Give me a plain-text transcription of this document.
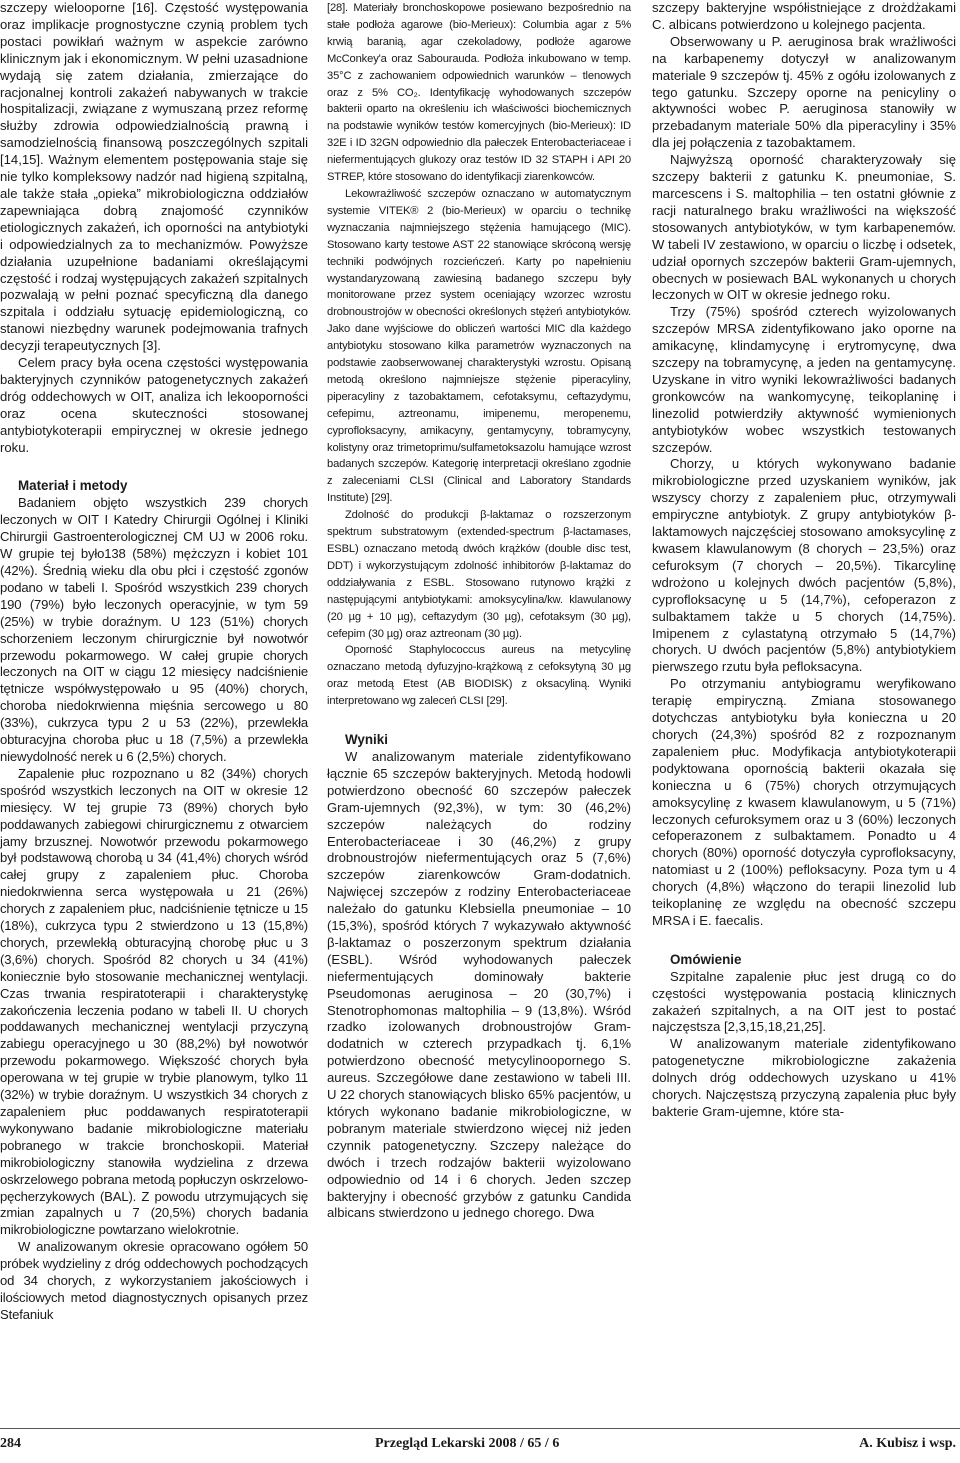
szczepy wielooporne [16]. Częstość występowania oraz implikacje prognostyczne czynią problem tych postaci powikłań ważnym w aspekcie zarówno klinicznym jak i ekonomicznym. W pełni uzasadnione wydają się zatem działania, zmierzające do racjonalnej kontroli zakażeń nabywanych w trakcie hospitalizacji, związane z wymuszaną przez reformę służby zdrowia odpowiedzialnością prawną i samodzielnością finansową poszczególnych szpitali [14,15]. Ważnym elementem postępowania staje się nie tylko kompleksowy nadzór nad higieną szpitalną, ale także stała „opieka” mikrobiologiczna oddziałów zapewniająca dobrą znajomość czynników etiologicznych zakażeń, ich oporności na antybiotyki i odpowiedzialnych za to mechanizmów. Powyższe działania uzupełnione badaniami określającymi częstość i rodzaj występujących zakażeń szpitalnych pozwalają w pełni poznać specyficzną dla danego szpitala i oddziału sytuację epidemiologiczną, co stanowi niezbędny warunek podejmowania trafnych decyzji terapeutycznych [3].

Celem pracy była ocena częstości występowania bakteryjnych czynników patogenetycznych zakażeń dróg oddechowych w OIT, analiza ich lekooporności oraz ocena skuteczności stosowanej antybiotykoterapii empirycznej w okresie jednego roku.

Materiał i metody

Badaniem objęto wszystkich 239 chorych leczonych w OIT I Katedry Chirurgii Ogólnej i Kliniki Chirurgii Gastroenterologicznej CM UJ w 2006 roku. W grupie tej było138 (58%) mężczyzn i kobiet 101 (42%). Średnią wieku dla obu płci i częstość zgonów podano w tabeli I. Spośród wszystkich 239 chorych 190 (79%) było leczonych operacyjnie, w tym 59 (25%) w trybie doraźnym. U 123 (51%) chorych schorzeniem leczonym chirurgicznie był nowotwór przewodu pokarmowego. W całej grupie chorych leczonych na OIT w ciągu 12 miesięcy nadciśnienie tętnicze współwystępowało u 95 (40%) chorych, choroba niedokrwienna mięśnia sercowego u 80 (33%), cukrzyca typu 2 u 53 (22%), przewlekła obturacyjna choroba płuc u 18 (7,5%) a przewlekła niewydolność nerek u 6 (2,5%) chorych.

Zapalenie płuc rozpoznano u 82 (34%) chorych spośród wszystkich leczonych na OIT w okresie 12 miesięcy. W tej grupie 73 (89%) chorych było poddawanych zabiegowi chirurgicznemu z otwarciem jamy brzusznej. Nowotwór przewodu pokarmowego był podstawową chorobą u 34 (41,4%) chorych wśród całej grupy z zapaleniem płuc. Choroba niedokrwienna serca występowała u 21 (26%) chorych z zapaleniem płuc, nadciśnienie tętnicze u 15 (18%), cukrzyca typu 2 stwierdzono u 13 (15,8%) chorych, przewlekłą obturacyjną chorobę płuc u 3 (3,6%) chorych. Spośród 82 chorych u 34 (41%) koniecznie było stosowanie mechanicznej wentylacji. Czas trwania respiratoterapii i charakterystykę zakończenia leczenia podano w tabeli II. U chorych poddawanych mechanicznej wentylacji przyczyną zabiegu operacyjnego u 30 (88,2%) był nowotwór przewodu pokarmowego. Większość chorych była operowana w tej grupie w trybie planowym, tylko 11 (32%) w trybie doraźnym. U wszystkich 34 chorych z zapaleniem płuc poddawanych respiratoterapii wykonywano badanie mikrobiologiczne materiału pobranego w trakcie bronchoskopii. Materiał mikrobiologiczny stanowiła wydzielina z drzewa oskrzelowego pobrana metodą popłuczyn oskrzelowo-pęcherzykowych (BAL). Z powodu utrzymujących się zmian zapalnych u 7 (20,5%) chorych badania mikrobiologiczne powtarzano wielokrotnie.

W analizowanym okresie opracowano ogółem 50 próbek wydzieliny z dróg oddechowych pochodzących od 34 chorych, z wykorzystaniem jakościowych i ilościowych metod diagnostycznych opisanych przez Stefaniuk

[28]. Materiały bronchoskopowe posiewano bezpośrednio na stałe podłoża agarowe (bio-Merieux): Columbia agar z 5% krwią baranią, agar czekoladowy, podłoże agarowe McConkey'a oraz Sabourauda. Podłoża inkubowano w temp. 35°C z zachowaniem odpowiednich warunków – tlenowych oraz z 5% CO₂. Identyfikację wyhodowanych szczepów bakterii oparto na określeniu ich właściwości biochemicznych na podstawie wyników testów komercyjnych (bio-Merieux): ID 32E i ID 32GN odpowiednio dla pałeczek Enterobacteriaceae i niefermentujących glukozy oraz testów ID 32 STAPH i API 20 STREP, które stosowano do identyfikacji ziarenkowców.

Lekowrażliwość szczepów oznaczano w automatycznym systemie VITEK® 2 (bio-Merieux) w oparciu o technikę wyznaczania najmniejszego stężenia hamującego (MIC). Stosowano karty testowe AST 22 stanowiące skróconą wersję techniki podwójnych rozcieńczeń. Karty po napełnieniu wystandaryzowaną zawiesiną badanego szczepu były monitorowane przez system oceniający wzorzec wzrostu drobnoustrojów w obecności określonych stężeń antybiotyków. Jako dane wyjściowe do obliczeń wartości MIC dla każdego antybiotyku stosowano kilka parametrów wyznaczonych na podstawie zaobserwowanej charakterystyki wzrostu. Opisaną metodą określono najmniejsze stężenie piperacyliny, piperacyliny z tazobaktamem, cefotaksymu, ceftazydymu, cefepimu, aztreonamu, imipenemu, meropenemu, cyprofloksacyny, amikacyny, gentamycyny, tobramycyny, kolistyny oraz trimetoprimu/sulfametoksazolu hamujące wzrost badanych szczepów. Kategorię interpretacji określano zgodnie z zaleceniami CLSI (Clinical and Laboratory Standards Institute) [29].

Zdolność do produkcji β-laktamaz o rozszerzonym spektrum substratowym (extended-spectrum β-lactamases, ESBL) oznaczano metodą dwóch krążków (double disc test, DDT) i wykorzystującym zdolność inhibitorów β-laktamaz do oddziaływania z ESBL. Stosowano rutynowo krążki z następującymi antybiotykami: amoksycylina/kw. klawulanowy (20 µg + 10 µg), ceftazydym (30 µg), cefotaksym (30 µg), cefepim (30 µg) oraz aztreonam (30 µg).

Oporność Staphylococcus aureus na metycylinę oznaczano metodą dyfuzyjno-krążkową z cefoksytyną 30 µg oraz metodą Etest (AB BIODISK) z oksacyliną. Wyniki interpretowano wg zaleceń CLSI [29].

Wyniki

W analizowanym materiale zidentyfikowano łącznie 65 szczepów bakteryjnych. Metodą hodowli potwierdzono obecność 60 szczepów pałeczek Gram-ujemnych (92,3%), w tym: 30 (46,2%) szczepów należących do rodziny Enterobacteriaceae i 30 (46,2%) z grupy drobnoustrojów niefermentujących oraz 5 (7,6%) szczepów ziarenkowców Gram-dodatnich. Najwięcej szczepów z rodziny Enterobacteriaceae należało do gatunku Klebsiella pneumoniae – 10 (15,3%), spośród których 7 wykazywało aktywność β-laktamaz o poszerzonym spektrum działania (ESBL). Wśród wyhodowanych pałeczek niefermentujących dominowały bakterie Pseudomonas aeruginosa – 20 (30,7%) i Stenotrophomonas maltophilia – 9 (13,8%). Wśród rzadko izolowanych drobnoustrojów Gram-dodatnich w czterech przypadkach tj. 6,1% potwierdzono obecność metycylinoopornego S. aureus. Szczegółowe dane zestawiono w tabeli III. U 22 chorych stanowiących blisko 65% pacjentów, u których wykonano badanie mikrobiologiczne, w pobranym materiale stwierdzono więcej niż jeden czynnik patogenetyczny. Szczepy należące do dwóch i trzech rodzajów bakterii wyizolowano odpowiednio od 14 i 6 chorych. Jeden szczep bakteryjny i obecność grzybów z gatunku Candida albicans stwierdzono u jednego chorego. Dwa

szczepy bakteryjne współistniejące z drożdżakami C. albicans potwierdzono u kolejnego pacjenta.

Obserwowany u P. aeruginosa brak wrażliwości na karbapenemy dotyczył w analizowanym materiale 9 szczepów tj. 45% z ogółu izolowanych z tego gatunku. Szczepy oporne na penicyliny o aktywności wobec P. aeruginosa stanowiły w przebadanym materiale 50% dla piperacyliny i 35% dla jej połączenia z tazobaktamem.

Najwyższą oporność charakteryzowały się szczepy bakterii z gatunku K. pneumoniae, S. marcescens i S. maltophilia – ten ostatni głównie z racji naturalnego braku wrażliwości na większość stosowanych antybiotyków, w tym karbapenemów. W tabeli IV zestawiono, w oparciu o liczbę i odsetek, udział opornych szczepów bakterii Gram-ujemnych, obecnych w posiewach BAL wykonanych u chorych leczonych w OIT w okresie jednego roku.

Trzy (75%) spośród czterech wyizolowanych szczepów MRSA zidentyfikowano jako oporne na amikacynę, klindamycynę i erytromycynę, dwa szczepy na tobramycynę, a jeden na gentamycynę. Uzyskane in vitro wyniki lekowrażliwości badanych gronkowców na wankomycynę, teikoplaninę i linezolid potwierdziły aktywność wymienionych antybiotyków wobec wszystkich testowanych szczepów.

Chorzy, u których wykonywano badanie mikrobiologiczne przed uzyskaniem wyników, jak wszyscy chorzy z zapaleniem płuc, otrzymywali empiryczne antybiotyk. Z grupy antybiotyków β-laktamowych najczęściej stosowano amoksycylinę z kwasem klawulanowym (8 chorych – 23,5%) oraz cefuroksym (7 chorych – 20,5%). Tikarcylinę wdrożono u kolejnych dwóch pacjentów (5,8%), cyprofloksacynę u 5 (14,7%), cefoperazon z sulbaktamem także u 5 chorych (14,75%). Imipenem z cylastatyną otrzymało 5 (14,7%) chorych. U dwóch pacjentów (5,8%) antybiotykiem pierwszego rzutu była pefloksacyna.

Po otrzymaniu antybiogramu weryfikowano terapię empiryczną. Zmiana stosowanego dotychczas antybiotyku była konieczna u 20 chorych (24,3%) spośród 82 z rozpoznanym zapaleniem płuc. Modyfikacja antybiotykoterapii podyktowana opornością bakterii okazała się konieczna u 6 (75%) chorych otrzymujących amoksycylinę z kwasem klawulanowym, u 5 (71%) leczonych cefuroksymem oraz u 3 (60%) leczonych cefoperazonem z sulbaktamem. Ponadto u 4 chorych (80%) oporność dotyczyła cyprofloksacyny, natomiast u 2 (100%) pefloksacyny. Poza tym u 4 chorych (4,8%) włączono do terapii linezolid lub teikoplaninę ze względu na obecność szczepu MRSA i E. faecalis.

Omówienie

Szpitalne zapalenie płuc jest drugą co do częstości występowania postacią klinicznych zakażeń szpitalnych, a na OIT jest to postać najczęstsza [2,3,15,18,21,25].

W analizowanym materiale zidentyfikowano patogenetyczne mikrobiologiczne zakażenia dolnych dróg oddechowych uzyskano u 41% chorych. Najczęstszą przyczyną zapalenia płuc były bakterie Gram-ujemne, które sta-

284	Przegląd Lekarski 2008 / 65 / 6	A. Kubisz i wsp.
